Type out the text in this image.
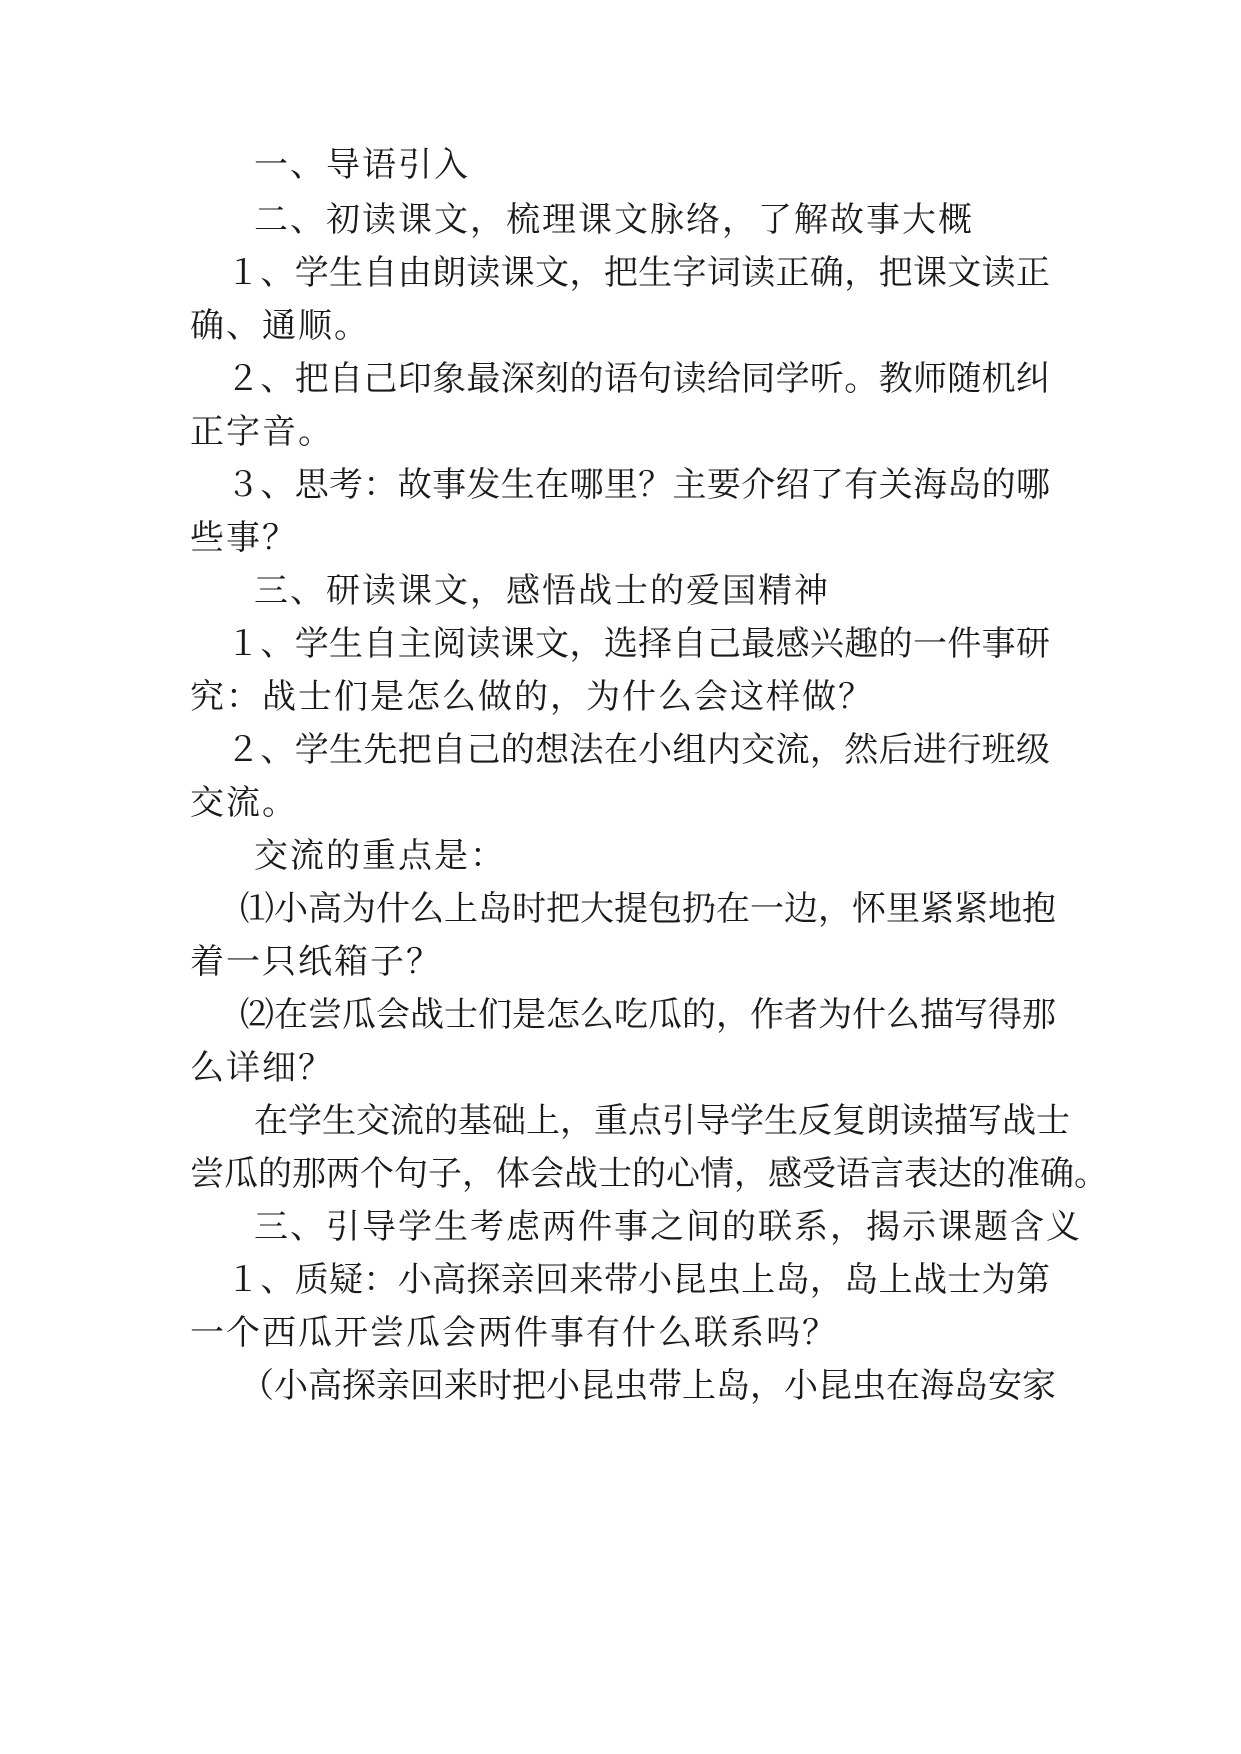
一、导语引入
二、初读课文，梳理课文脉络，了解故事大概
１、学生自由朗读课文，把生字词读正确，把课文读正
确、通顺。
２、把自己印象最深刻的语句读给同学听。教师随机纠
正字音。
３、思考：故事发生在哪里？主要介绍了有关海岛的哪
些事？
三、研读课文，感悟战士的爱国精神
１、学生自主阅读课文，选择自己最感兴趣的一件事研
究：战士们是怎么做的，为什么会这样做？
２、学生先把自己的想法在小组内交流，然后进行班级
交流。
交流的重点是：
⑴小高为什么上岛时把大提包扔在一边，怀里紧紧地抱
着一只纸箱子？
⑵在尝瓜会战士们是怎么吃瓜的，作者为什么描写得那
么详细？
在学生交流的基础上，重点引导学生反复朗读描写战士
尝瓜的那两个句子，体会战士的心情，感受语言表达的准确。
三、引导学生考虑两件事之间的联系，揭示课题含义
１、质疑：小高探亲回来带小昆虫上岛，岛上战士为第
一个西瓜开尝瓜会两件事有什么联系吗？
（小高探亲回来时把小昆虫带上岛，小昆虫在海岛安家
